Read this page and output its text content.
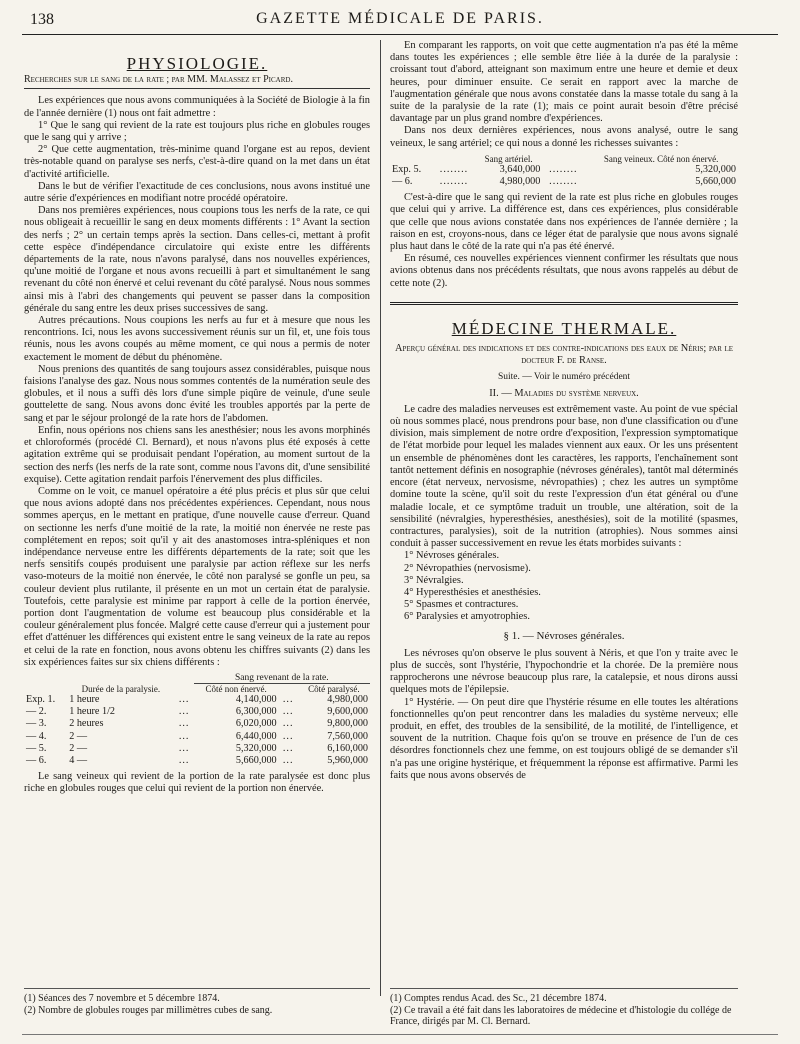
138	GAZETTE MÉDICALE DE PARIS.
PHYSIOLOGIE.
Recherches sur le sang de la rate ; par MM. Malassez et Picard.

Les expériences que nous avons communiquées à la Société de Biologie à la fin de l'année dernière (1) nous ont fait admettre :

1° Que le sang qui revient de la rate est toujours plus riche en globules rouges que le sang qui y arrive ;

2° Que cette augmentation, très-minime quand l'organe est au repos, devient très-notable quand on paralyse ses nerfs, c'est-à-dire quand on la met dans un état d'activité artificielle.

Dans le but de vérifier l'exactitude de ces conclusions, nous avons institué une autre série d'expériences en modifiant notre procédé opératoire.

Dans nos premières expériences, nous coupions tous les nerfs de la rate, ce qui nous obligeait à recueillir le sang en deux moments différents : 1° Avant la section des nerfs ; 2° un certain temps après la section. Dans celles-ci, mettant à profit cette espèce d'indépendance circulatoire qui existe entre les différents départements de la rate, nous n'avons paralysé, dans nos nouvelles expériences, qu'une moitié de l'organe et nous avons recueilli à part et simultanément le sang revenant du côté non énervé et celui revenant du côté paralysé. Nous nous sommes ainsi mis à l'abri des changements qui peuvent se passer dans la composition générale du sang entre les deux prises successives de sang.

Autres précautions. Nous coupions les nerfs au fur et à mesure que nous les rencontrions. Ici, nous les avons successivement réunis sur un fil, et, une fois tous réunis, nous les avons coupés au même moment, ce qui nous a permis de noter exactement le moment de début du phénomène.

Nous prenions des quantités de sang toujours assez considérables, puisque nous faisions l'analyse des gaz. Nous nous sommes contentés de la numération seule des globules, et il nous a suffi dès lors d'une simple piqûre de veinule, d'une seule gouttelette de sang. Nous avons donc évité les troubles apportés par la perte de sang et par le séjour prolongé de la rate hors de l'abdomen.

Enfin, nous opérions nos chiens sans les anesthésier; nous les avons morphinés et chloroformés (procédé Cl. Bernard), et nous n'avons plus été exposés à cette agitation extrême qui se produisait pendant l'opération, au moment surtout de la section des nerfs (les nerfs de la rate sont, comme nous l'avons dit, d'une sensibilité exquise). Cette agitation rendait parfois l'énervement des plus difficiles.

Comme on le voit, ce manuel opératoire a été plus précis et plus sûr que celui que nous avions adopté dans nos précédentes expériences. Cependant, nous nous sommes aperçus, en le mettant en pratique, d'une nouvelle cause d'erreur. Quand on sectionne les nerfs d'une moitié de la rate, la moitié non énervée ne reste pas complétement en repos; soit qu'il y ait des anastomoses intra-spléniques et non indépendance nerveuse entre les différents départements de la rate; soit que les nerfs sensitifs coupés produisent une paralysie par action réflexe sur les nerfs vaso-moteurs de la moitié non énervée, le côté non paralysé se gonfle un peu, sa couleur devient plus rutilante, il présente en un mot un certain état de paralysie. Toutefois, cette paralysie est minime par rapport à celle de la portion énervée, portion dont l'augmentation de volume est beaucoup plus considérable et la couleur généralement plus foncée. Malgré cette cause d'erreur qui a justement pour effet d'atténuer les différences qui existent entre le sang veineux de la rate au repos et celui de la rate en fonction, nous avons obtenu les chiffres suivants (2) dans les six expériences faites sur six chiens différents :

			Sang revenant de la rate.		
	Durée de la paralysie.		Côté non énervé.		Côté paralysé.
Exp. 1.	1 heure	...	4,140,000	...	4,980,000
— 2.	1 heure 1/2	...	6,300,000	...	9,600,000
— 3.	2 heures	...	6,020,000	...	9,800,000
— 4.	2 —	...	6,440,000	...	7,560,000
— 5.	2 —	...	5,320,000	...	6,160,000
— 6.	4 —	...	5,660,000	...	5,960,000

Le sang veineux qui revient de la portion de la rate paralysée est donc plus riche en globules rouges que celui qui revient de la portion non énervée.

En comparant les rapports, on voit que cette augmentation n'a pas été la même dans toutes les expériences ; elle semble être liée à la durée de la paralysie : croissant tout d'abord, atteignant son maximum entre une heure et demie et deux heures, pour diminuer ensuite. Ce serait en rapport avec la marche de l'augmentation générale que nous avons constatée dans la masse totale du sang à la suite de la paralysie de la rate (1); mais ce point aurait besoin d'être précisé davantage par un plus grand nombre d'expériences.

Dans nos deux dernières expériences, nous avons analysé, outre le sang veineux, le sang artériel; ce qui nous a donné les richesses suivantes :

		Sang artériel.		Sang veineux. Côté non énervé.
Exp. 5.	........	3,640,000	........	5,320,000
— 6.	........	4,980,000	........	5,660,000

C'est-à-dire que le sang qui revient de la rate est plus riche en globules rouges que celui qui y arrive. La différence est, dans ces expériences, plus considérable que celle que nous avions constatée dans nos expériences de l'année dernière ; la raison en est, croyons-nous, dans ce léger état de paralysie que nous avons signalé plus haut dans le côté de la rate qui n'a pas été énervé.

En résumé, ces nouvelles expériences viennent confirmer les résultats que nous avions obtenus dans nos précédents résultats, que nous avons rappelés au début de cette note (2).

MÉDECINE THERMALE.

Aperçu général des indications et des contre-indications des eaux de Néris; par le docteur F. de Ranse.

Suite. — Voir le numéro précédent

II. — Maladies du système nerveux.

Le cadre des maladies nerveuses est extrêmement vaste. Au point de vue spécial où nous sommes placé, nous prendrons pour base, non d'une classification ou d'une division, mais simplement de notre ordre d'exposition, l'expression symptomatique de l'état morbide pour lequel les malades viennent aux eaux. Or les uns présentent un ensemble de phénomènes dont les caractères, les rapports, l'enchaînement sont tantôt nettement définis en nosographie (névroses générales), tantôt mal déterminés encore (état nerveux, nervosisme, névropathies) ; chez les autres un symptôme domine toute la scène, qu'il soit du reste l'expression d'un état général ou d'une maladie locale, et ce symptôme traduit un trouble, une altération, soit de la sensibilité (névralgies, hyperesthésies, anesthésies), soit de la motilité (spasmes, contractures, paralysies), soit de la nutrition (atrophies). Nous sommes ainsi conduit à passer successivement en revue les états morbides suivants :

1° Névroses générales.

2° Névropathies (nervosisme).

3° Névralgies.

4° Hyperesthésies et anesthésies.

5° Spasmes et contractures.

6° Paralysies et amyotrophies.

§ 1. — Névroses générales.

Les névroses qu'on observe le plus souvent à Néris, et que l'on y traite avec le plus de succès, sont l'hystérie, l'hypochondrie et la chorée. De la première nous rapprocherons une névrose beaucoup plus rare, la catalepsie, et nous dirons aussi quelques mots de l'épilepsie.

1° Hystérie. — On peut dire que l'hystérie résume en elle toutes les altérations fonctionnelles qu'on peut rencontrer dans les maladies du système nerveux; elle produit, en effet, des troubles de la sensibilité, de la motilité, de l'intelligence, et souvent de la nutrition. Chaque fois qu'on se trouve en présence de l'un de ces désordres fonctionnels chez une femme, on est toujours obligé de se demander s'il n'a pas une origine hystérique, et fréquemment la réponse est affirmative. Parmi les faits que nous avons observés de

(1) Séances des 7 novembre et 5 décembre 1874.
(2) Nombre de globules rouges par millimètres cubes de sang.
(1) Comptes rendus Acad. des Sc., 21 décembre 1874.
(2) Ce travail a été fait dans les laboratoires de médecine et d'histologie du collége de France, dirigés par M. Cl. Bernard.
